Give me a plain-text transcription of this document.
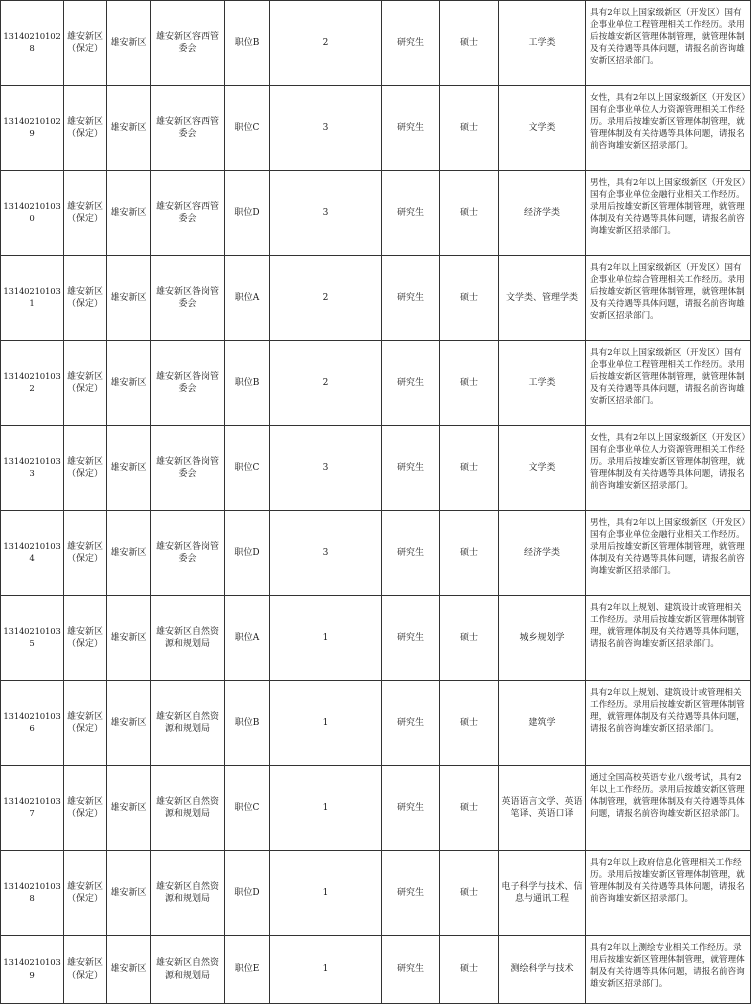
131402101028	雄安新区（保定）	雄安新区	雄安新区容西管委会	职位B	2	研究生	硕士	工学类	具有2年以上国家级新区（开发区）国有企事业单位工程管理相关工作经历。录用后按雄安新区管理体制管理，就管理体制及有关待遇等具体问题，请报名前咨询雄安新区招录部门。
131402101029	雄安新区（保定）	雄安新区	雄安新区容西管委会	职位C	3	研究生	硕士	文学类	女性，具有2年以上国家级新区（开发区）国有企事业单位人力资源管理相关工作经历。录用后按雄安新区管理体制管理，就管理体制及有关待遇等具体问题，请报名前咨询雄安新区招录部门。
131402101030	雄安新区（保定）	雄安新区	雄安新区容西管委会	职位D	3	研究生	硕士	经济学类	男性，具有2年以上国家级新区（开发区）国有企事业单位金融行业相关工作经历。录用后按雄安新区管理体制管理，就管理体制及有关待遇等具体问题，请报名前咨询雄安新区招录部门。
131402101031	雄安新区（保定）	雄安新区	雄安新区昝岗管委会	职位A	2	研究生	硕士	文学类、管理学类	具有2年以上国家级新区（开发区）国有企事业单位综合管理相关工作经历。录用后按雄安新区管理体制管理，就管理体制及有关待遇等具体问题，请报名前咨询雄安新区招录部门。
131402101032	雄安新区（保定）	雄安新区	雄安新区昝岗管委会	职位B	2	研究生	硕士	工学类	具有2年以上国家级新区（开发区）国有企事业单位工程管理相关工作经历。录用后按雄安新区管理体制管理，就管理体制及有关待遇等具体问题，请报名前咨询雄安新区招录部门。
131402101033	雄安新区（保定）	雄安新区	雄安新区昝岗管委会	职位C	3	研究生	硕士	文学类	女性，具有2年以上国家级新区（开发区）国有企事业单位人力资源管理相关工作经历。录用后按雄安新区管理体制管理，就管理体制及有关待遇等具体问题，请报名前咨询雄安新区招录部门。
131402101034	雄安新区（保定）	雄安新区	雄安新区昝岗管委会	职位D	3	研究生	硕士	经济学类	男性，具有2年以上国家级新区（开发区）国有企事业单位金融行业相关工作经历。录用后按雄安新区管理体制管理，就管理体制及有关待遇等具体问题，请报名前咨询雄安新区招录部门。
131402101035	雄安新区（保定）	雄安新区	雄安新区自然资源和规划局	职位A	1	研究生	硕士	城乡规划学	具有2年以上规划、建筑设计或管理相关工作经历。录用后按雄安新区管理体制管理，就管理体制及有关待遇等具体问题，请报名前咨询雄安新区招录部门。
131402101036	雄安新区（保定）	雄安新区	雄安新区自然资源和规划局	职位B	1	研究生	硕士	建筑学	具有2年以上规划、建筑设计或管理相关工作经历。录用后按雄安新区管理体制管理，就管理体制及有关待遇等具体问题，请报名前咨询雄安新区招录部门。
131402101037	雄安新区（保定）	雄安新区	雄安新区自然资源和规划局	职位C	1	研究生	硕士	英语语言文学、英语笔译、英语口译	通过全国高校英语专业八级考试，具有2年以上工作经历。录用后按雄安新区管理体制管理，就管理体制及有关待遇等具体问题，请报名前咨询雄安新区招录部门。
131402101038	雄安新区（保定）	雄安新区	雄安新区自然资源和规划局	职位D	1	研究生	硕士	电子科学与技术、信息与通讯工程	具有2年以上政府信息化管理相关工作经历。录用后按雄安新区管理体制管理，就管理体制及有关待遇等具体问题，请报名前咨询雄安新区招录部门。
131402101039	雄安新区（保定）	雄安新区	雄安新区自然资源和规划局	职位E	1	研究生	硕士	测绘科学与技术	具有2年以上测绘专业相关工作经历。录用后按雄安新区管理体制管理，就管理体制及有关待遇等具体问题，请报名前咨询雄安新区招录部门。
